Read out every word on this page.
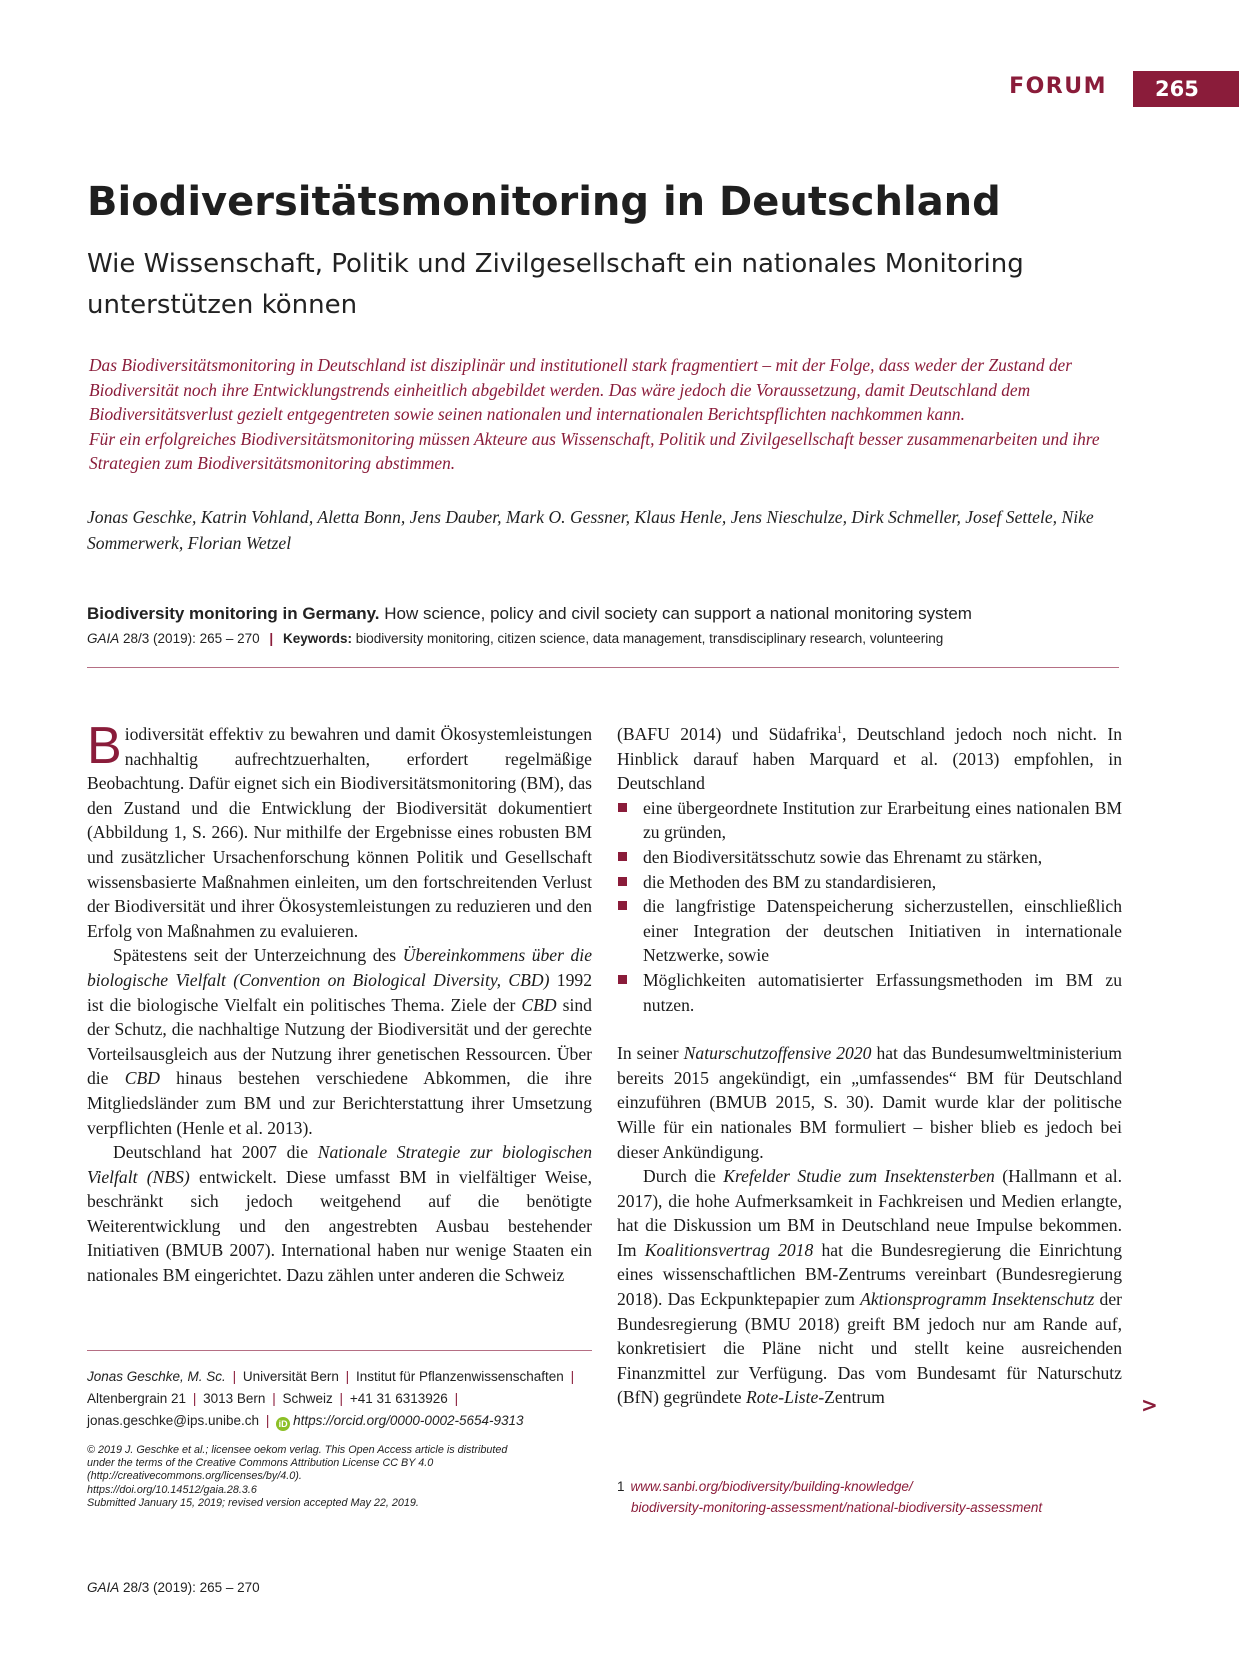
FORUM	265
Biodiversitätsmonitoring in Deutschland
Wie Wissenschaft, Politik und Zivilgesellschaft ein nationales Monitoring unterstützen können

Das Biodiversitätsmonitoring in Deutschland ist disziplinär und institutionell stark fragmentiert – mit der Folge, dass weder der Zustand der Biodiversität noch ihre Entwicklungstrends einheitlich abgebildet werden. Das wäre jedoch die Voraussetzung, damit Deutschland dem Biodiversitätsverlust gezielt entgegentreten sowie seinen nationalen und internationalen Berichtspflichten nachkommen kann.

Für ein erfolgreiches Biodiversitätsmonitoring müssen Akteure aus Wissenschaft, Politik und Zivilgesellschaft besser zusammenarbeiten und ihre Strategien zum Biodiversitätsmonitoring abstimmen.

Jonas Geschke, Katrin Vohland, Aletta Bonn, Jens Dauber, Mark O. Gessner, Klaus Henle, Jens Nieschulze, Dirk Schmeller, Josef Settele, Nike Sommerwerk, Florian Wetzel
Biodiversity monitoring in Germany. How science, policy and civil society can support a national monitoring system
GAIA 28/3 (2019): 265 – 270 | Keywords: biodiversity monitoring, citizen science, data management, transdisciplinary research, volunteering

Biodiversität effektiv zu bewahren und damit Ökosystemleistungen nachhaltig aufrechtzuerhalten, erfordert regelmäßige Beobachtung. Dafür eignet sich ein Biodiversitätsmonitoring (BM), das den Zustand und die Entwicklung der Biodiversität dokumentiert (Abbildung 1, S. 266). Nur mithilfe der Ergebnisse eines robusten BM und zusätzlicher Ursachenforschung können Politik und Gesellschaft wissensbasierte Maßnahmen einleiten, um den fortschreitenden Verlust der Biodiversität und ihrer Ökosystemleistungen zu reduzieren und den Erfolg von Maßnahmen zu evaluieren.

Spätestens seit der Unterzeichnung des Übereinkommens über die biologische Vielfalt (Convention on Biological Diversity, CBD) 1992 ist die biologische Vielfalt ein politisches Thema. Ziele der CBD sind der Schutz, die nachhaltige Nutzung der Biodiversität und der gerechte Vorteilsausgleich aus der Nutzung ihrer genetischen Ressourcen. Über die CBD hinaus bestehen verschiedene Abkommen, die ihre Mitgliedsländer zum BM und zur Berichterstattung ihrer Umsetzung verpflichten (Henle et al. 2013).

Deutschland hat 2007 die Nationale Strategie zur biologischen Vielfalt (NBS) entwickelt. Diese umfasst BM in vielfältiger Weise, beschränkt sich jedoch weitgehend auf die benötigte Weiterentwicklung und den angestrebten Ausbau bestehender Initiativen (BMUB 2007). International haben nur wenige Staaten ein nationales BM eingerichtet. Dazu zählen unter anderen die Schweiz

(BAFU 2014) und Südafrika$^1$, Deutschland jedoch noch nicht. In Hinblick darauf haben Marquard et al. (2013) empfohlen, in Deutschland

eine übergeordnete Institution zur Erarbeitung eines nationalen BM zu gründen,
den Biodiversitätsschutz sowie das Ehrenamt zu stärken,
die Methoden des BM zu standardisieren,
die langfristige Datenspeicherung sicherzustellen, einschließlich einer Integration der deutschen Initiativen in internationale Netzwerke, sowie
Möglichkeiten automatisierter Erfassungsmethoden im BM zu nutzen.

In seiner Naturschutzoffensive 2020 hat das Bundesumweltministerium bereits 2015 angekündigt, ein „umfassendes“ BM für Deutschland einzuführen (BMUB 2015, S. 30). Damit wurde klar der politische Wille für ein nationales BM formuliert – bisher blieb es jedoch bei dieser Ankündigung.

Durch die Krefelder Studie zum Insektensterben (Hallmann et al. 2017), die hohe Aufmerksamkeit in Fachkreisen und Medien erlangte, hat die Diskussion um BM in Deutschland neue Impulse bekommen. Im Koalitionsvertrag 2018 hat die Bundesregierung die Einrichtung eines wissenschaftlichen BM-Zentrums vereinbart (Bundesregierung 2018). Das Eckpunktepapier zum Aktionsprogramm Insektenschutz der Bundesregierung (BMU 2018) greift BM jedoch nur am Rande auf, konkretisiert die Pläne nicht und stellt keine ausreichenden Finanzmittel zur Verfügung. Das vom Bundesamt für Naturschutz (BfN) gegründete Rote-Liste-Zentrum	>
Jonas Geschke, M. Sc. | Universität Bern | Institut für Pflanzenwissenschaften |
Altenbergrain 21 | 3013 Bern | Schweiz | +41 31 6313926 |
jonas.geschke@ips.unibe.ch | iD https://orcid.org/0000-0002-5654-9313
© 2019 J. Geschke et al.; licensee oekom verlag. This Open Access article is distributed
under the terms of the Creative Commons Attribution License CC BY 4.0
(http://creativecommons.org/licenses/by/4.0).
https://doi.org/10.14512/gaia.28.3.6
Submitted January 15, 2019; revised version accepted May 22, 2019.
1 www.sanbi.org/biodiversity/building-knowledge/
biodiversity-monitoring-assessment/national-biodiversity-assessment
GAIA 28/3 (2019): 265 – 270
